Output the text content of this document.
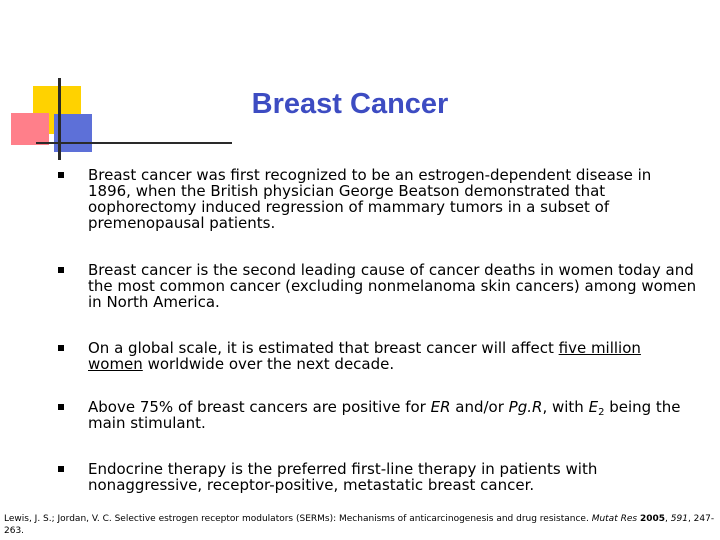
Breast Cancer
Breast cancer was first recognized to be an estrogen-dependent disease in 1896, when the British physician George Beatson demonstrated that oophorectomy induced regression of mammary tumors in a subset of premenopausal patients.
Breast cancer is the second leading cause of cancer deaths in women today and the most common cancer (excluding nonmelanoma skin cancers) among women in North America.
On a global scale, it is estimated that breast cancer will affect five million women worldwide over the next decade.
Above 75% of breast cancers are positive for ER and/or Pg.R, with $E_2$ being the main stimulant.
Endocrine therapy is the preferred first-line therapy in patients with nonaggressive, receptor-positive, metastatic breast cancer.
Lewis, J. S.; Jordan, V. C. Selective estrogen receptor modulators (SERMs): Mechanisms of anticarcinogenesis and drug resistance. Mutat Res 2005, 591, 247-263.
